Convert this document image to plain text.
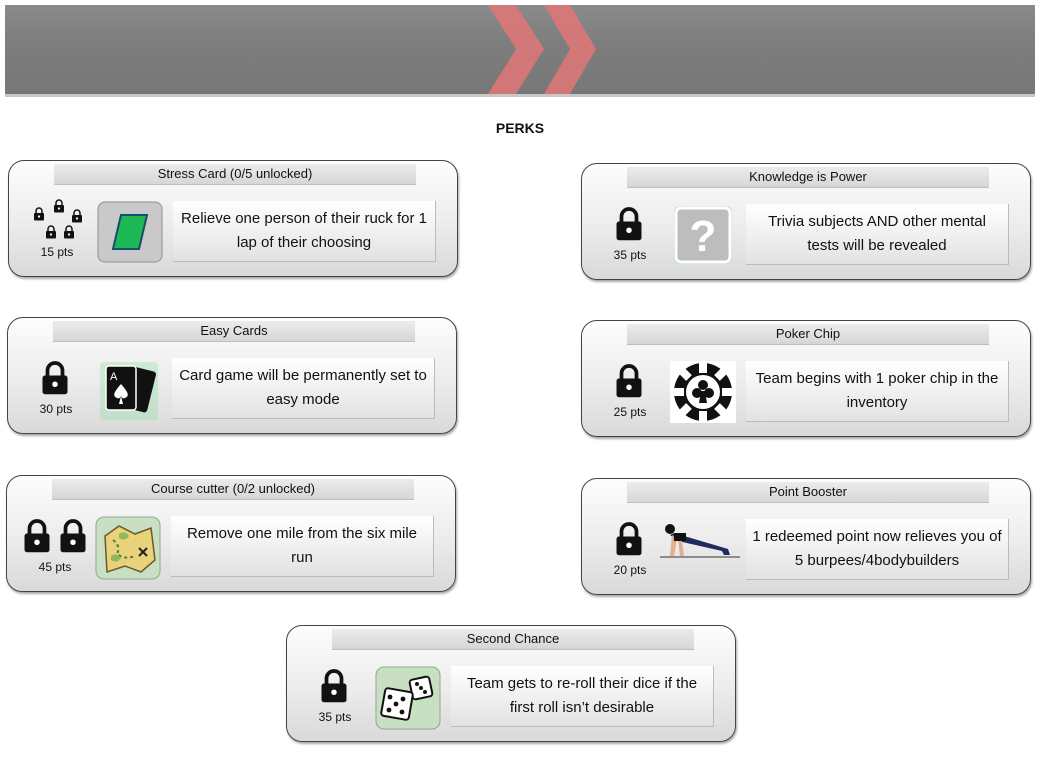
PERKS
Stress Card (0/5 unlocked)
15 pts
Relieve one person of their ruck for 1 lap of their choosing
Knowledge is Power
35 pts ?	Trivia subjects AND other mental tests will be revealed
Easy Cards
30 pts
A	Card game will be permanently set to easy mode
Poker Chip
25 pts
Team begins with 1 poker chip in the inventory
Course cutter (0/2 unlocked)
45 pts
Remove one mile from the six mile run
Point Booster
20 pts
1 redeemed point now relieves you of 5 burpees/4bodybuilders
Second Chance
35 pts
Team gets to re-roll their dice if the first roll isn’t desirable
